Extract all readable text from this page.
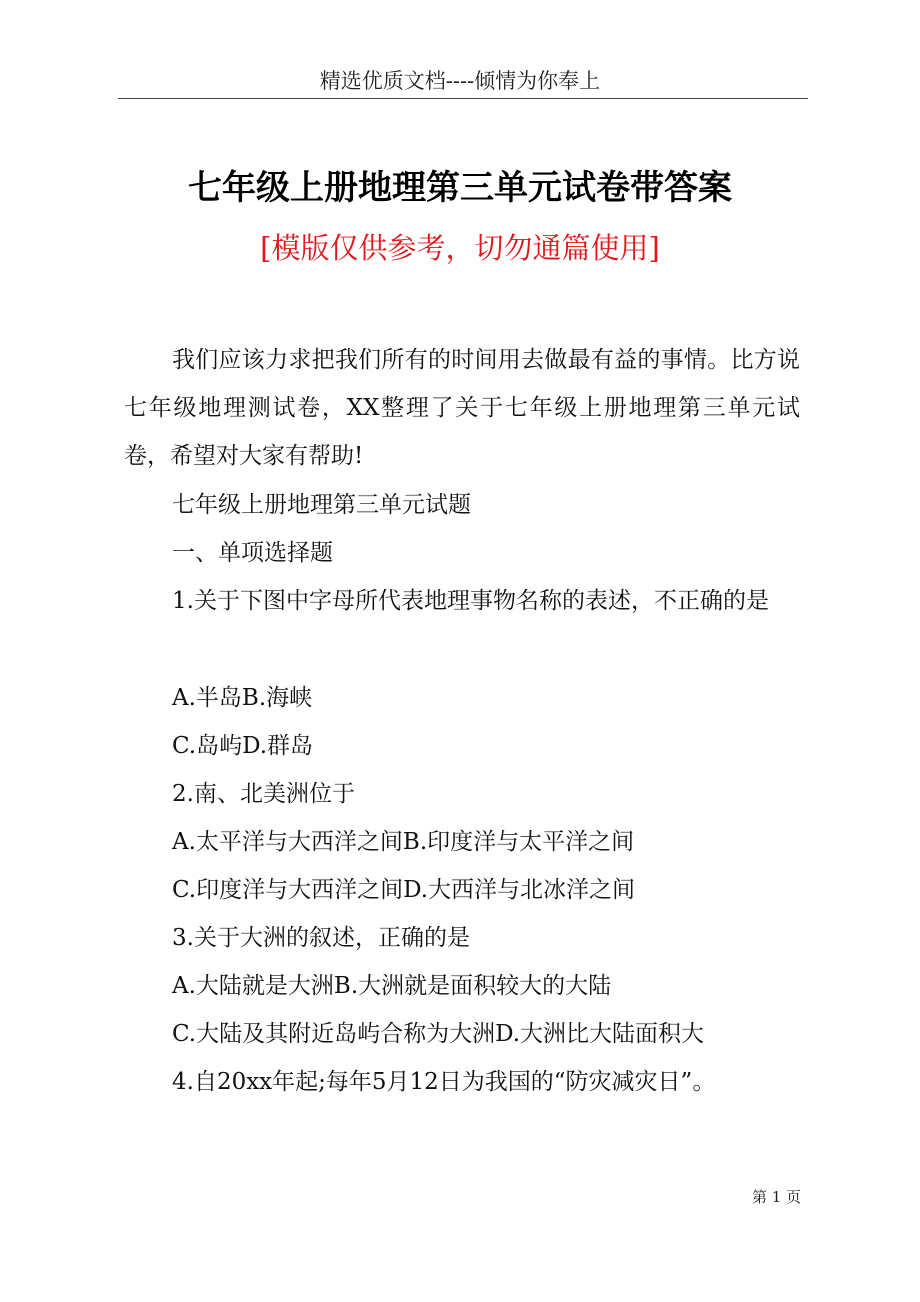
精选优质文档----倾情为你奉上
七年级上册地理第三单元试卷带答案
[模版仅供参考，切勿通篇使用]
我们应该力求把我们所有的时间用去做最有益的事情。比方说七年级地理测试卷，XX整理了关于七年级上册地理第三单元试卷，希望对大家有帮助!
七年级上册地理第三单元试题
一、单项选择题
1.关于下图中字母所代表地理事物名称的表述，不正确的是
A.半岛B.海峡
C.岛屿D.群岛
2.南、北美洲位于
A.太平洋与大西洋之间B.印度洋与太平洋之间
C.印度洋与大西洋之间D.大西洋与北冰洋之间
3.关于大洲的叙述，正确的是
A.大陆就是大洲B.大洲就是面积较大的大陆
C.大陆及其附近岛屿合称为大洲D.大洲比大陆面积大
4.自20xx年起;每年5月12日为我国的“防灾减灾日”。
第 1 页
